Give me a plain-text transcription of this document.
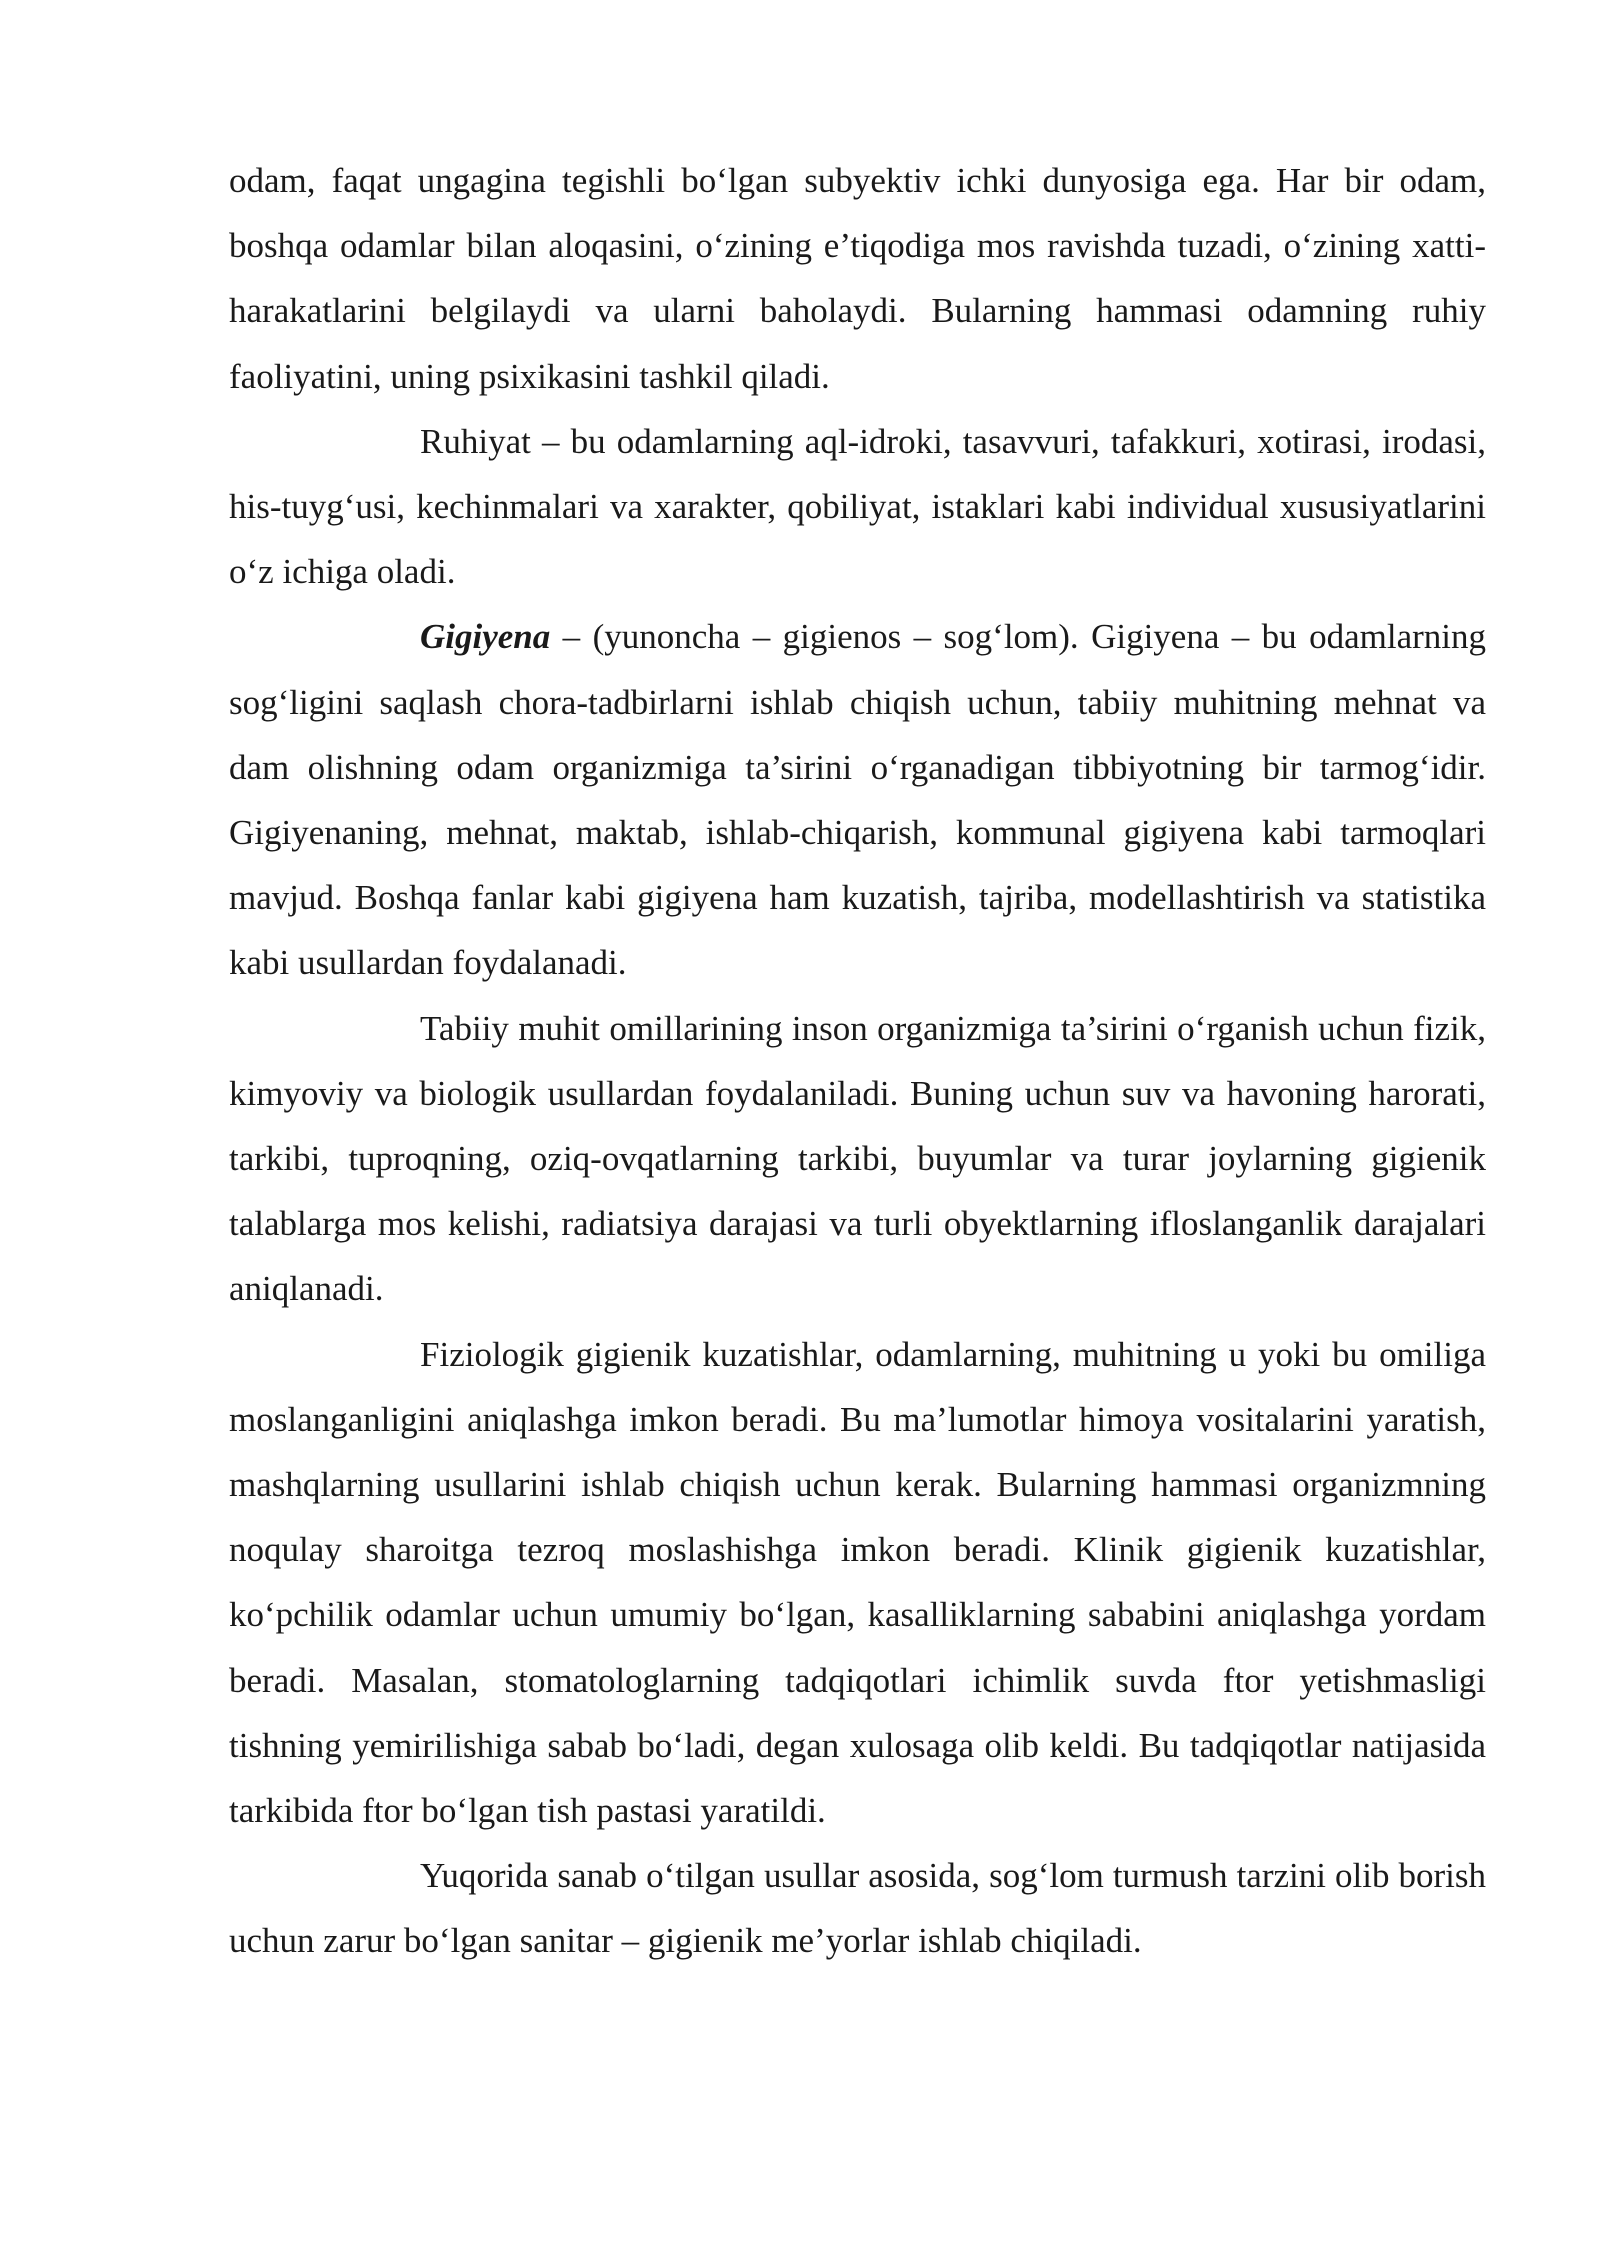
odam, faqat ungagina tegishli bo‘lgan subyektiv ichki dunyosiga ega. Har bir odam, boshqa odamlar bilan aloqasini, o‘zining e’tiqodiga mos ravishda tuzadi, o‘zining xatti-harakatlarini belgilaydi va ularni baholaydi. Bularning hammasi odamning ruhiy faoliyatini, uning psixikasini tashkil qiladi.

Ruhiyat – bu odamlarning aql-idroki, tasavvuri, tafakkuri, xotirasi, irodasi, his-tuyg‘usi, kechinmalari va xarakter, qobiliyat, istaklari kabi individual xususiyatlarini o‘z ichiga oladi.

Gigiyena – (yunoncha – gigienos – sog‘lom). Gigiyena – bu odamlarning sog‘ligini saqlash chora-tadbirlarni ishlab chiqish uchun, tabiiy muhitning mehnat va dam olishning odam organizmiga ta’sirini o‘rganadigan tibbiyotning bir tarmog‘idir. Gigiyenaning, mehnat, maktab, ishlab-chiqarish, kommunal gigiyena kabi tarmoqlari mavjud. Boshqa fanlar kabi gigiyena ham kuzatish, tajriba, modellashtirish va statistika kabi usullardan foydalanadi.

Tabiiy muhit omillarining inson organizmiga ta’sirini o‘rganish uchun fizik, kimyoviy va biologik usullardan foydalaniladi. Buning uchun suv va havoning harorati, tarkibi, tuproqning, oziq-ovqatlarning tarkibi, buyumlar va turar joylarning gigienik talablarga mos kelishi, radiatsiya darajasi va turli obyektlarning ifloslanganlik darajalari aniqlanadi.

Fiziologik gigienik kuzatishlar, odamlarning, muhitning u yoki bu omiliga moslanganligini aniqlashga imkon beradi. Bu ma’lumotlar himoya vositalarini yaratish, mashqlarning usullarini ishlab chiqish uchun kerak. Bularning hammasi organizmning noqulay sharoitga tezroq moslashishga imkon beradi. Klinik gigienik kuzatishlar, ko‘pchilik odamlar uchun umumiy bo‘lgan, kasalliklarning sababini aniqlashga yordam beradi. Masalan, stomatologlarning tadqiqotlari ichimlik suvda ftor yetishmasligi tishning yemirilishiga sabab bo‘ladi, degan xulosaga olib keldi. Bu tadqiqotlar natijasida tarkibida ftor bo‘lgan tish pastasi yaratildi.

Yuqorida sanab o‘tilgan usullar asosida, sog‘lom turmush tarzini olib borish uchun zarur bo‘lgan sanitar – gigienik me’yorlar ishlab chiqiladi.
